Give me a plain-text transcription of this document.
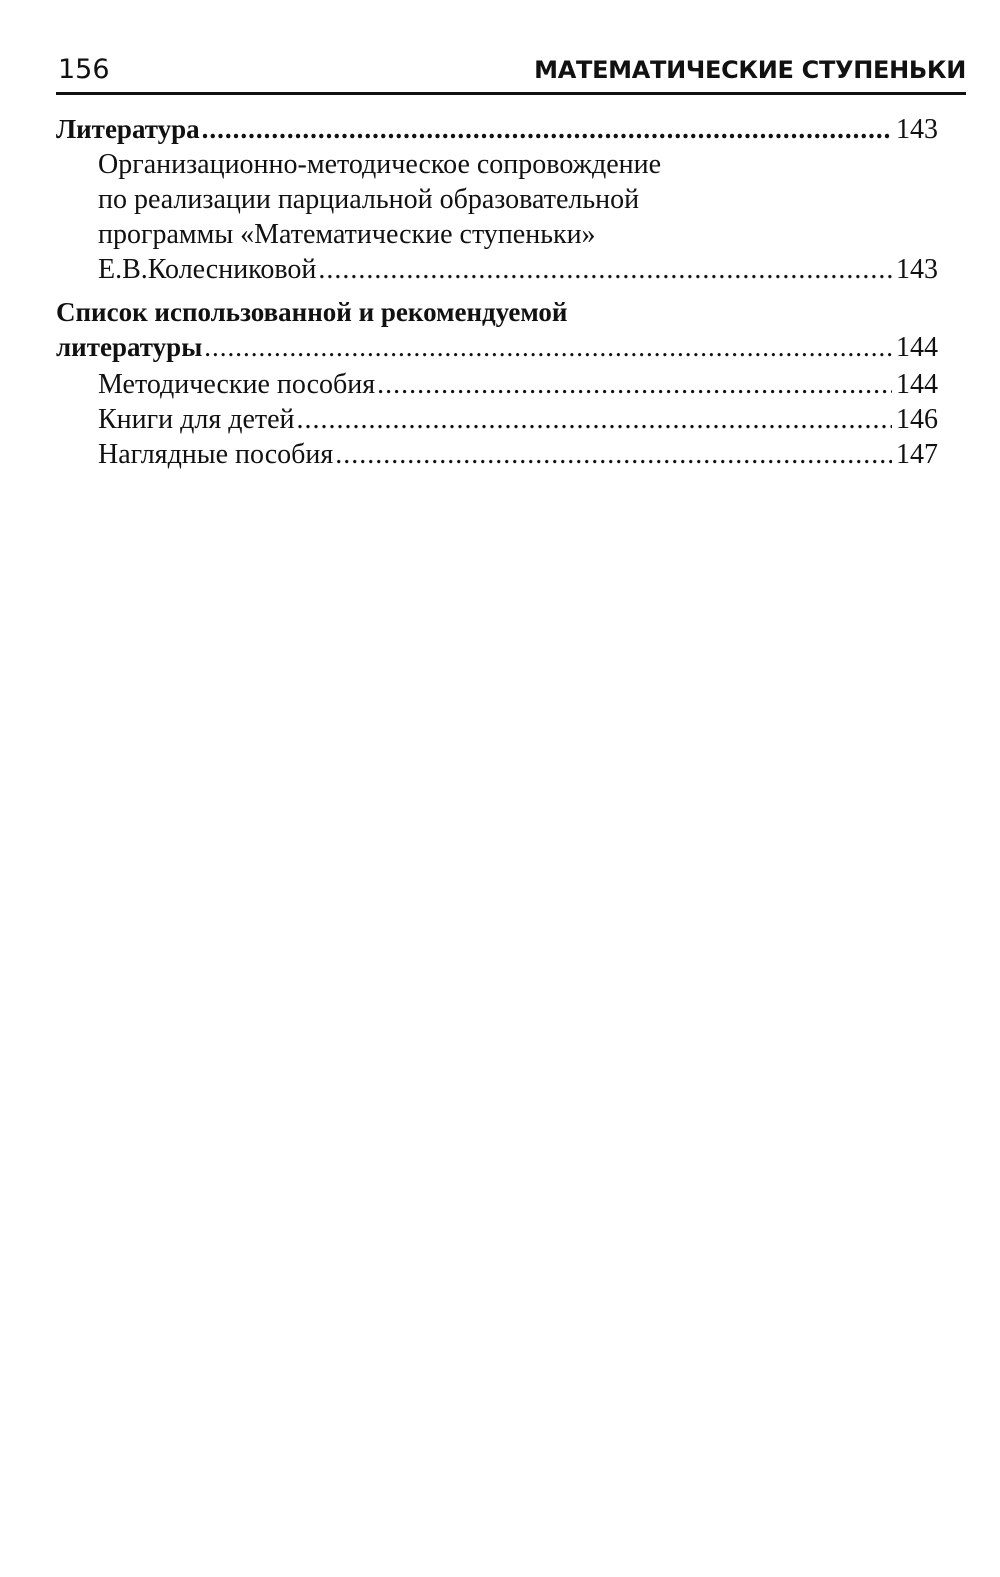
156	МАТЕМАТИЧЕСКИЕ СТУПЕНЬКИ
Литература .....	143
Организационно-методическое сопровождение
по реализации парциальной образовательной
программы «Математические ступеньки»
Е.В.Колесниковой .....	143
Список использованной и рекомендуемой
литературы .....	144
Методические пособия .....	144
Книги для детей .....	146
Наглядные пособия .....	147
